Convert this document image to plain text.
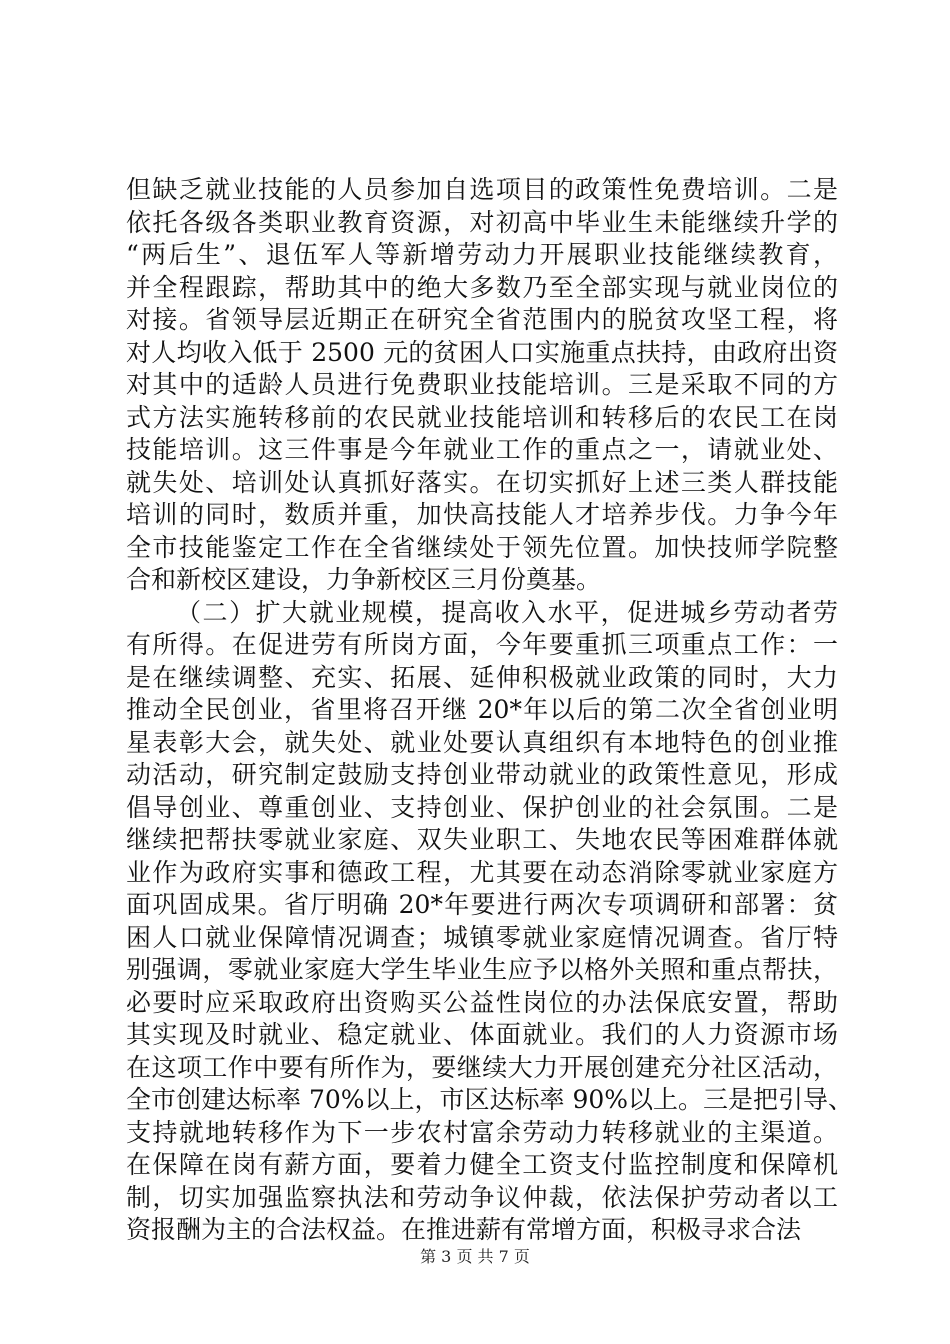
但缺乏就业技能的人员参加自选项目的政策性免费培训。二是
依托各级各类职业教育资源，对初高中毕业生未能继续升学的
“两后生”、退伍军人等新增劳动力开展职业技能继续教育，
并全程跟踪，帮助其中的绝大多数乃至全部实现与就业岗位的
对接。省领导层近期正在研究全省范围内的脱贫攻坚工程，将
对人均收入低于 2500 元的贫困人口实施重点扶持，由政府出资
对其中的适龄人员进行免费职业技能培训。三是采取不同的方
式方法实施转移前的农民就业技能培训和转移后的农民工在岗
技能培训。这三件事是今年就业工作的重点之一，请就业处、
就失处、培训处认真抓好落实。在切实抓好上述三类人群技能
培训的同时，数质并重，加快高技能人才培养步伐。力争今年
全市技能鉴定工作在全省继续处于领先位置。加快技师学院整
合和新校区建设，力争新校区三月份奠基。
（二）扩大就业规模，提高收入水平，促进城乡劳动者劳
有所得。在促进劳有所岗方面，今年要重抓三项重点工作：一
是在继续调整、充实、拓展、延伸积极就业政策的同时，大力
推动全民创业，省里将召开继 20*年以后的第二次全省创业明
星表彰大会，就失处、就业处要认真组织有本地特色的创业推
动活动，研究制定鼓励支持创业带动就业的政策性意见，形成
倡导创业、尊重创业、支持创业、保护创业的社会氛围。二是
继续把帮扶零就业家庭、双失业职工、失地农民等困难群体就
业作为政府实事和德政工程，尤其要在动态消除零就业家庭方
面巩固成果。省厅明确 20*年要进行两次专项调研和部署：贫
困人口就业保障情况调查；城镇零就业家庭情况调查。省厅特
别强调，零就业家庭大学生毕业生应予以格外关照和重点帮扶，
必要时应采取政府出资购买公益性岗位的办法保底安置，帮助
其实现及时就业、稳定就业、体面就业。我们的人力资源市场
在这项工作中要有所作为，要继续大力开展创建充分社区活动，
全市创建达标率 70%以上，市区达标率 90%以上。三是把引导、
支持就地转移作为下一步农村富余劳动力转移就业的主渠道。
在保障在岗有薪方面，要着力健全工资支付监控制度和保障机
制，切实加强监察执法和劳动争议仲裁，依法保护劳动者以工
资报酬为主的合法权益。在推进薪有常增方面，积极寻求合法
第 3 页 共 7 页
